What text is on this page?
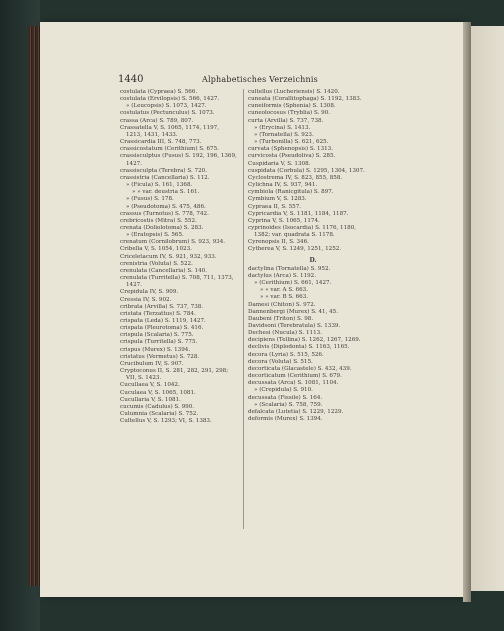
1440	Alphabetisches Verzeichnis
costulata (Cypraea) S. 566.
costulata (Ervilopsis) S. 566, 1427.
» (Leucopsis) S. 1073, 1427.
costulatus (Pectunculus) S. 1073.
crassa (Arca) S. 789, 807.
Crassatella V, S. 1065, 1174, 1197,
1213, 1431, 1433.
Crassicardia III, S. 748, 773.
crassicostatum (Cerithium) S. 675.
crassisculptus (Fusus) S. 192, 196, 1369,
1427.
crassisculpta (Terebra) S. 720.
crassistria (Cancellaria) S. 112.
» (Ficula) S. 161, 1368.
» » var. deustria S. 161.
» (Fusus) S. 178.
» (Pseudotoma) S. 475, 486.
crassus (Turnotus) S. 778, 742.
crebricostis (Mitra) S. 552.
crenata (Doliolotoma) S. 283.
» (Eratopsis) S. 565.
crenatum (Cornilobrum) S. 923, 934.
Cribella V, S. 1054, 1023.
Criceletacum IV, S. 921, 932, 933.
crenistria (Voluta) S. 522.
crenulata (Cancellaria) S. 140.
crenulata (Turritella) S. 708, 711, 1373,
1427.
Crepidula IV, S. 909.
Cressia IV, S. 902.
cribrata (Arvilla) S. 737, 738.
cristata (Terzattus) S. 784.
crispata (Leda) S. 1119, 1427.
crispata (Pleurotoma) S. 416.
crispula (Scalaria) S. 775.
crispula (Turritella) S. 775.
crispus (Murex) S. 1394.
cristatus (Vermetus) S. 728.
Crucibulum IV, S. 907.
Cryptoconus II, S. 281, 282, 291, 298;
VII, S. 1423.
Cucullaea V, S. 1042.
Cuculaea V, S. 1065, 1081.
Cucullaria V, S. 1081.
cucumis (Cadulus) S. 990.
Culumnia (Scalaria) S. 752.
Cultellus V, S. 1293; VI, S. 1383.
cultellus (Lucheriensis) S. 1420.
cuneata (Corallitophaga) S. 1192, 1383.
cuneiformis (Sphenia) S. 1308.
cuneolocosus (Tryblia) S. 90.
curta (Arvilla) S. 737, 738.
» (Erycina) S. 1413.
» (Tornatella) S. 923.
» (Turbonilla) S. 621, 625.
curvata (Sphenopsis) S. 1313.
curvicosta (Pseudoliva) S. 285.
Cuspidaria V, S. 1308.
cuspidata (Corbula) S. 1295, 1304, 1307.
Cyclostrema IV, S. 823, 855, 858.
Cylichna IV, S. 937, 941.
cymbiola (Ranicgitula) S. 897.
Cymbium V, S. 1283.
Cypraea II, S. 557.
Cypricardia V, S. 1181, 1184, 1187.
Cyprina V, S. 1065, 1174.
cyprinoides (Isocardia) S. 1176, 1180,
1382; var. quadrata S. 1178.
Cyrenopsis II, S. 346.
Cytherea V, S. 1249, 1251, 1252.
D.
dactylina (Tornatella) S. 952.
dactylus (Arca) S. 1192.
» (Cerithium) S. 661, 1427.
» » var. A S. 663.
» » var. B S. 663.
Damesi (Chiton) S. 972.
Dannenbergi (Murex) S. 41, 45.
Daubeni (Triton) S. 98.
Davidsoni (Terebratula) S. 1339.
Dechesi (Nucula) S. 1113.
decipiens (Tellina) S. 1262, 1267, 1269.
declivis (Diplodonta) S. 1163, 1165.
decora (Lyria) S. 515, 526.
decora (Voluta) S. 515.
decorticata (Glacastele) S. 432, 439.
decorticatum (Cerithium) S. 679.
decussata (Arca) S. 1081, 1104.
» (Crepidula) S. 910.
decussata (Fissile) S. 164.
» (Scalaria) S. 758, 759.
defalcata (Lutetia) S. 1229, 1229.
deformis (Murex) S. 1394.
